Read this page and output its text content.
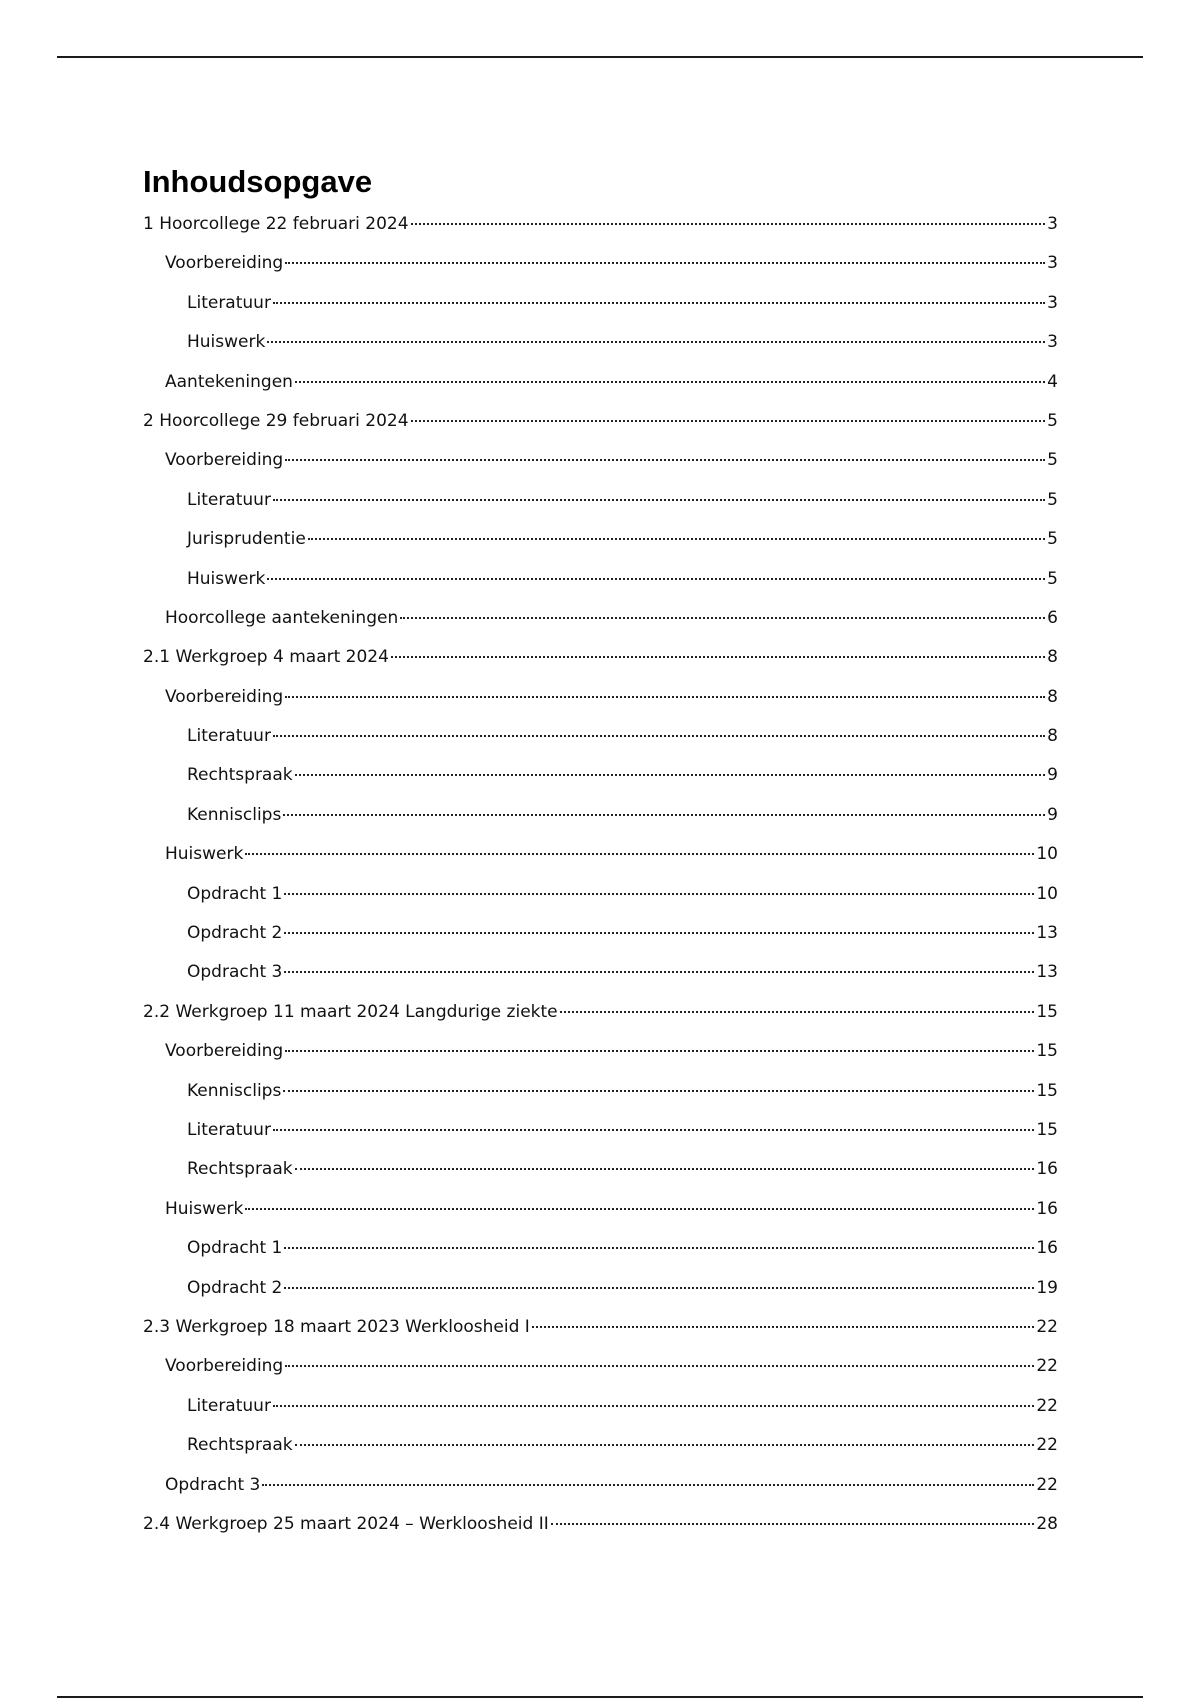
Inhoudsopgave
1 Hoorcollege 22 februari 2024	3
Voorbereiding	3
Literatuur	3
Huiswerk	3
Aantekeningen	4
2 Hoorcollege 29 februari 2024	5
Voorbereiding	5
Literatuur	5
Jurisprudentie	5
Huiswerk	5
Hoorcollege aantekeningen	6
2.1 Werkgroep 4 maart 2024	8
Voorbereiding	8
Literatuur	8
Rechtspraak	9
Kennisclips	9
Huiswerk	10
Opdracht 1	10
Opdracht 2	13
Opdracht 3	13
2.2 Werkgroep 11 maart 2024 Langdurige ziekte	15
Voorbereiding	15
Kennisclips	15
Literatuur	15
Rechtspraak	16
Huiswerk	16
Opdracht 1	16
Opdracht 2	19
2.3 Werkgroep 18 maart 2023 Werkloosheid I	22
Voorbereiding	22
Literatuur	22
Rechtspraak	22
Opdracht 3	22
2.4 Werkgroep 25 maart 2024 – Werkloosheid II	28
